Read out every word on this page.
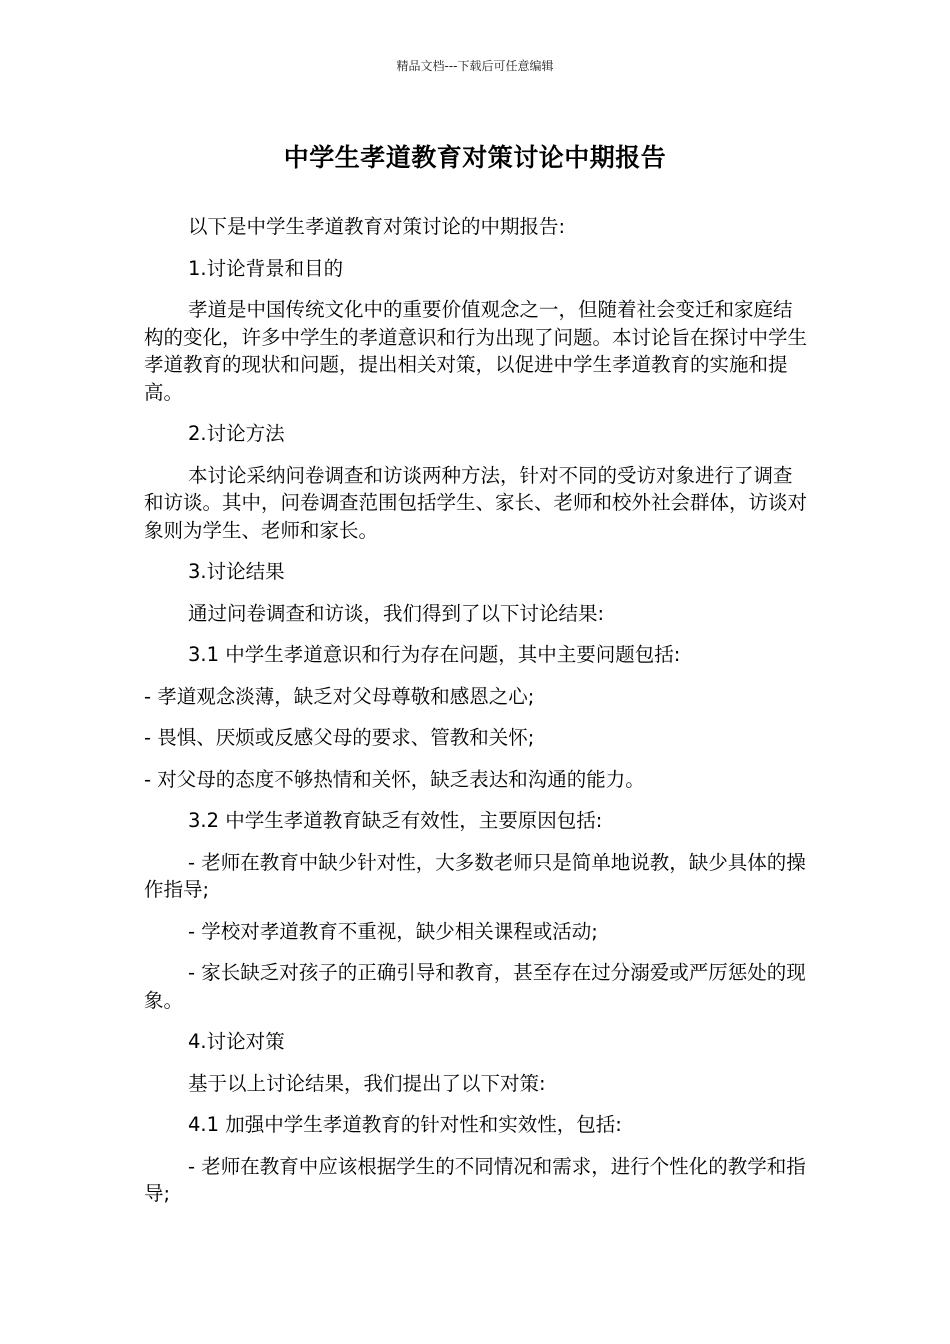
精品文档---下载后可任意编辑
中学生孝道教育对策讨论中期报告

以下是中学生孝道教育对策讨论的中期报告:

1.讨论背景和目的

孝道是中国传统文化中的重要价值观念之一，但随着社会变迁和家庭结构的变化，许多中学生的孝道意识和行为出现了问题。本讨论旨在探讨中学生孝道教育的现状和问题，提出相关对策，以促进中学生孝道教育的实施和提高。

2.讨论方法

本讨论采纳问卷调查和访谈两种方法，针对不同的受访对象进行了调查和访谈。其中，问卷调查范围包括学生、家长、老师和校外社会群体，访谈对象则为学生、老师和家长。

3.讨论结果

通过问卷调查和访谈，我们得到了以下讨论结果:

3.1 中学生孝道意识和行为存在问题，其中主要问题包括:

- 孝道观念淡薄，缺乏对父母尊敬和感恩之心;

- 畏惧、厌烦或反感父母的要求、管教和关怀;

- 对父母的态度不够热情和关怀，缺乏表达和沟通的能力。

3.2 中学生孝道教育缺乏有效性，主要原因包括:

- 老师在教育中缺少针对性，大多数老师只是简单地说教，缺少具体的操作指导;

- 学校对孝道教育不重视，缺少相关课程或活动;

- 家长缺乏对孩子的正确引导和教育，甚至存在过分溺爱或严厉惩处的现象。

4.讨论对策

基于以上讨论结果，我们提出了以下对策:

4.1 加强中学生孝道教育的针对性和实效性，包括:

- 老师在教育中应该根据学生的不同情况和需求，进行个性化的教学和指导;
